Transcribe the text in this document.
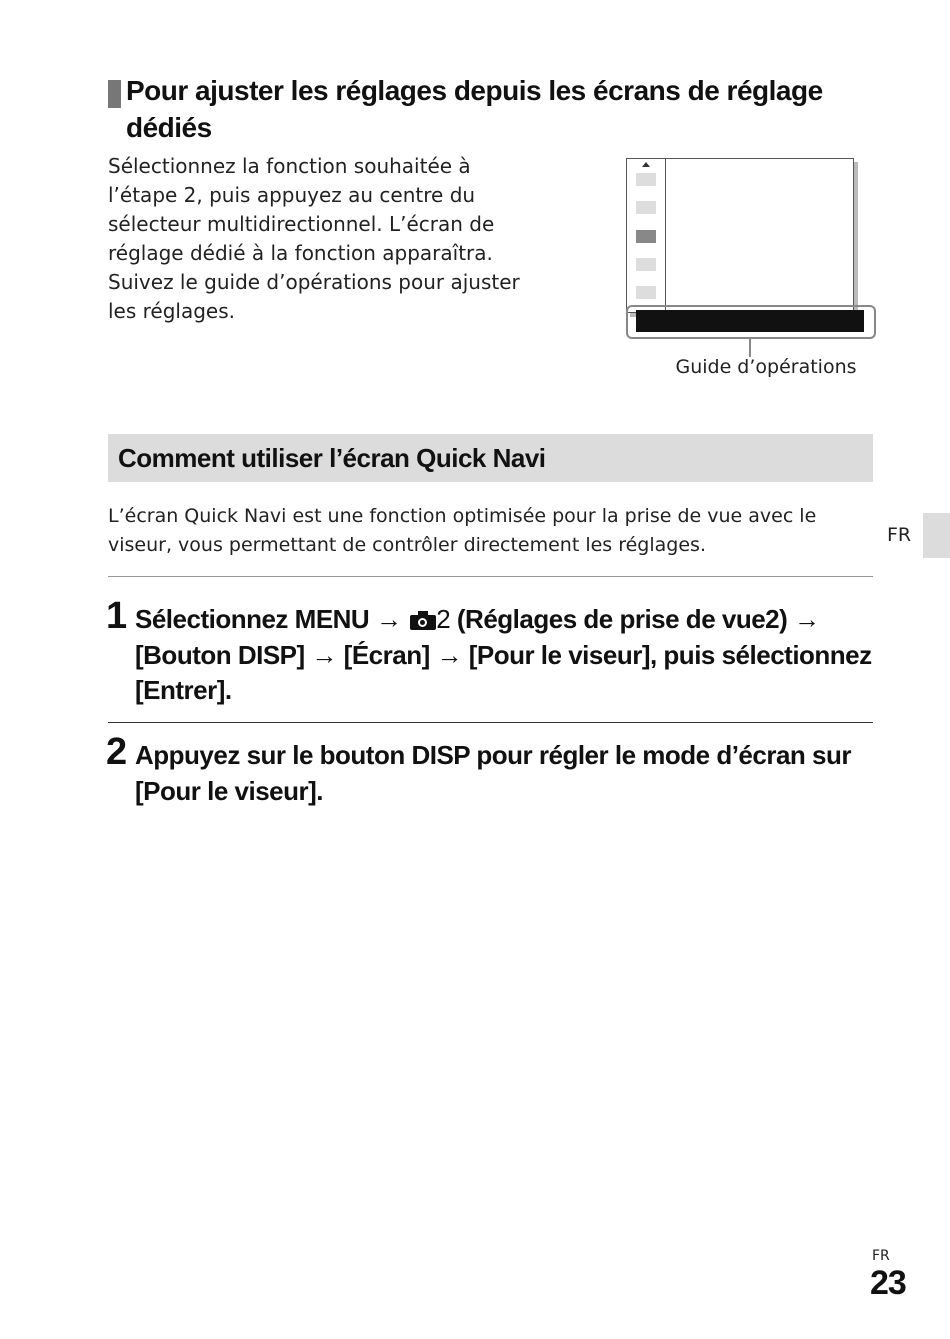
Pour ajuster les réglages depuis les écrans de réglage dédiés

Sélectionnez la fonction souhaitée à
l’étape 2, puis appuyez au centre du
sélecteur multidirectionnel. L’écran de
réglage dédié à la fonction apparaîtra.
Suivez le guide d’opérations pour ajuster
les réglages.

Guide d’opérations
Comment utiliser l’écran Quick Navi

L’écran Quick Navi est une fonction optimisée pour la prise de vue avec le
viseur, vous permettant de contrôler directement les réglages.

1 Sélectionnez MENU → 2 (Réglages de prise de vue2) →
[Bouton DISP] → [Écran] → [Pour le viseur], puis sélectionnez
[Entrer].
2 Appuyez sur le bouton DISP pour régler le mode d’écran sur
[Pour le viseur].
FR
FR
23
